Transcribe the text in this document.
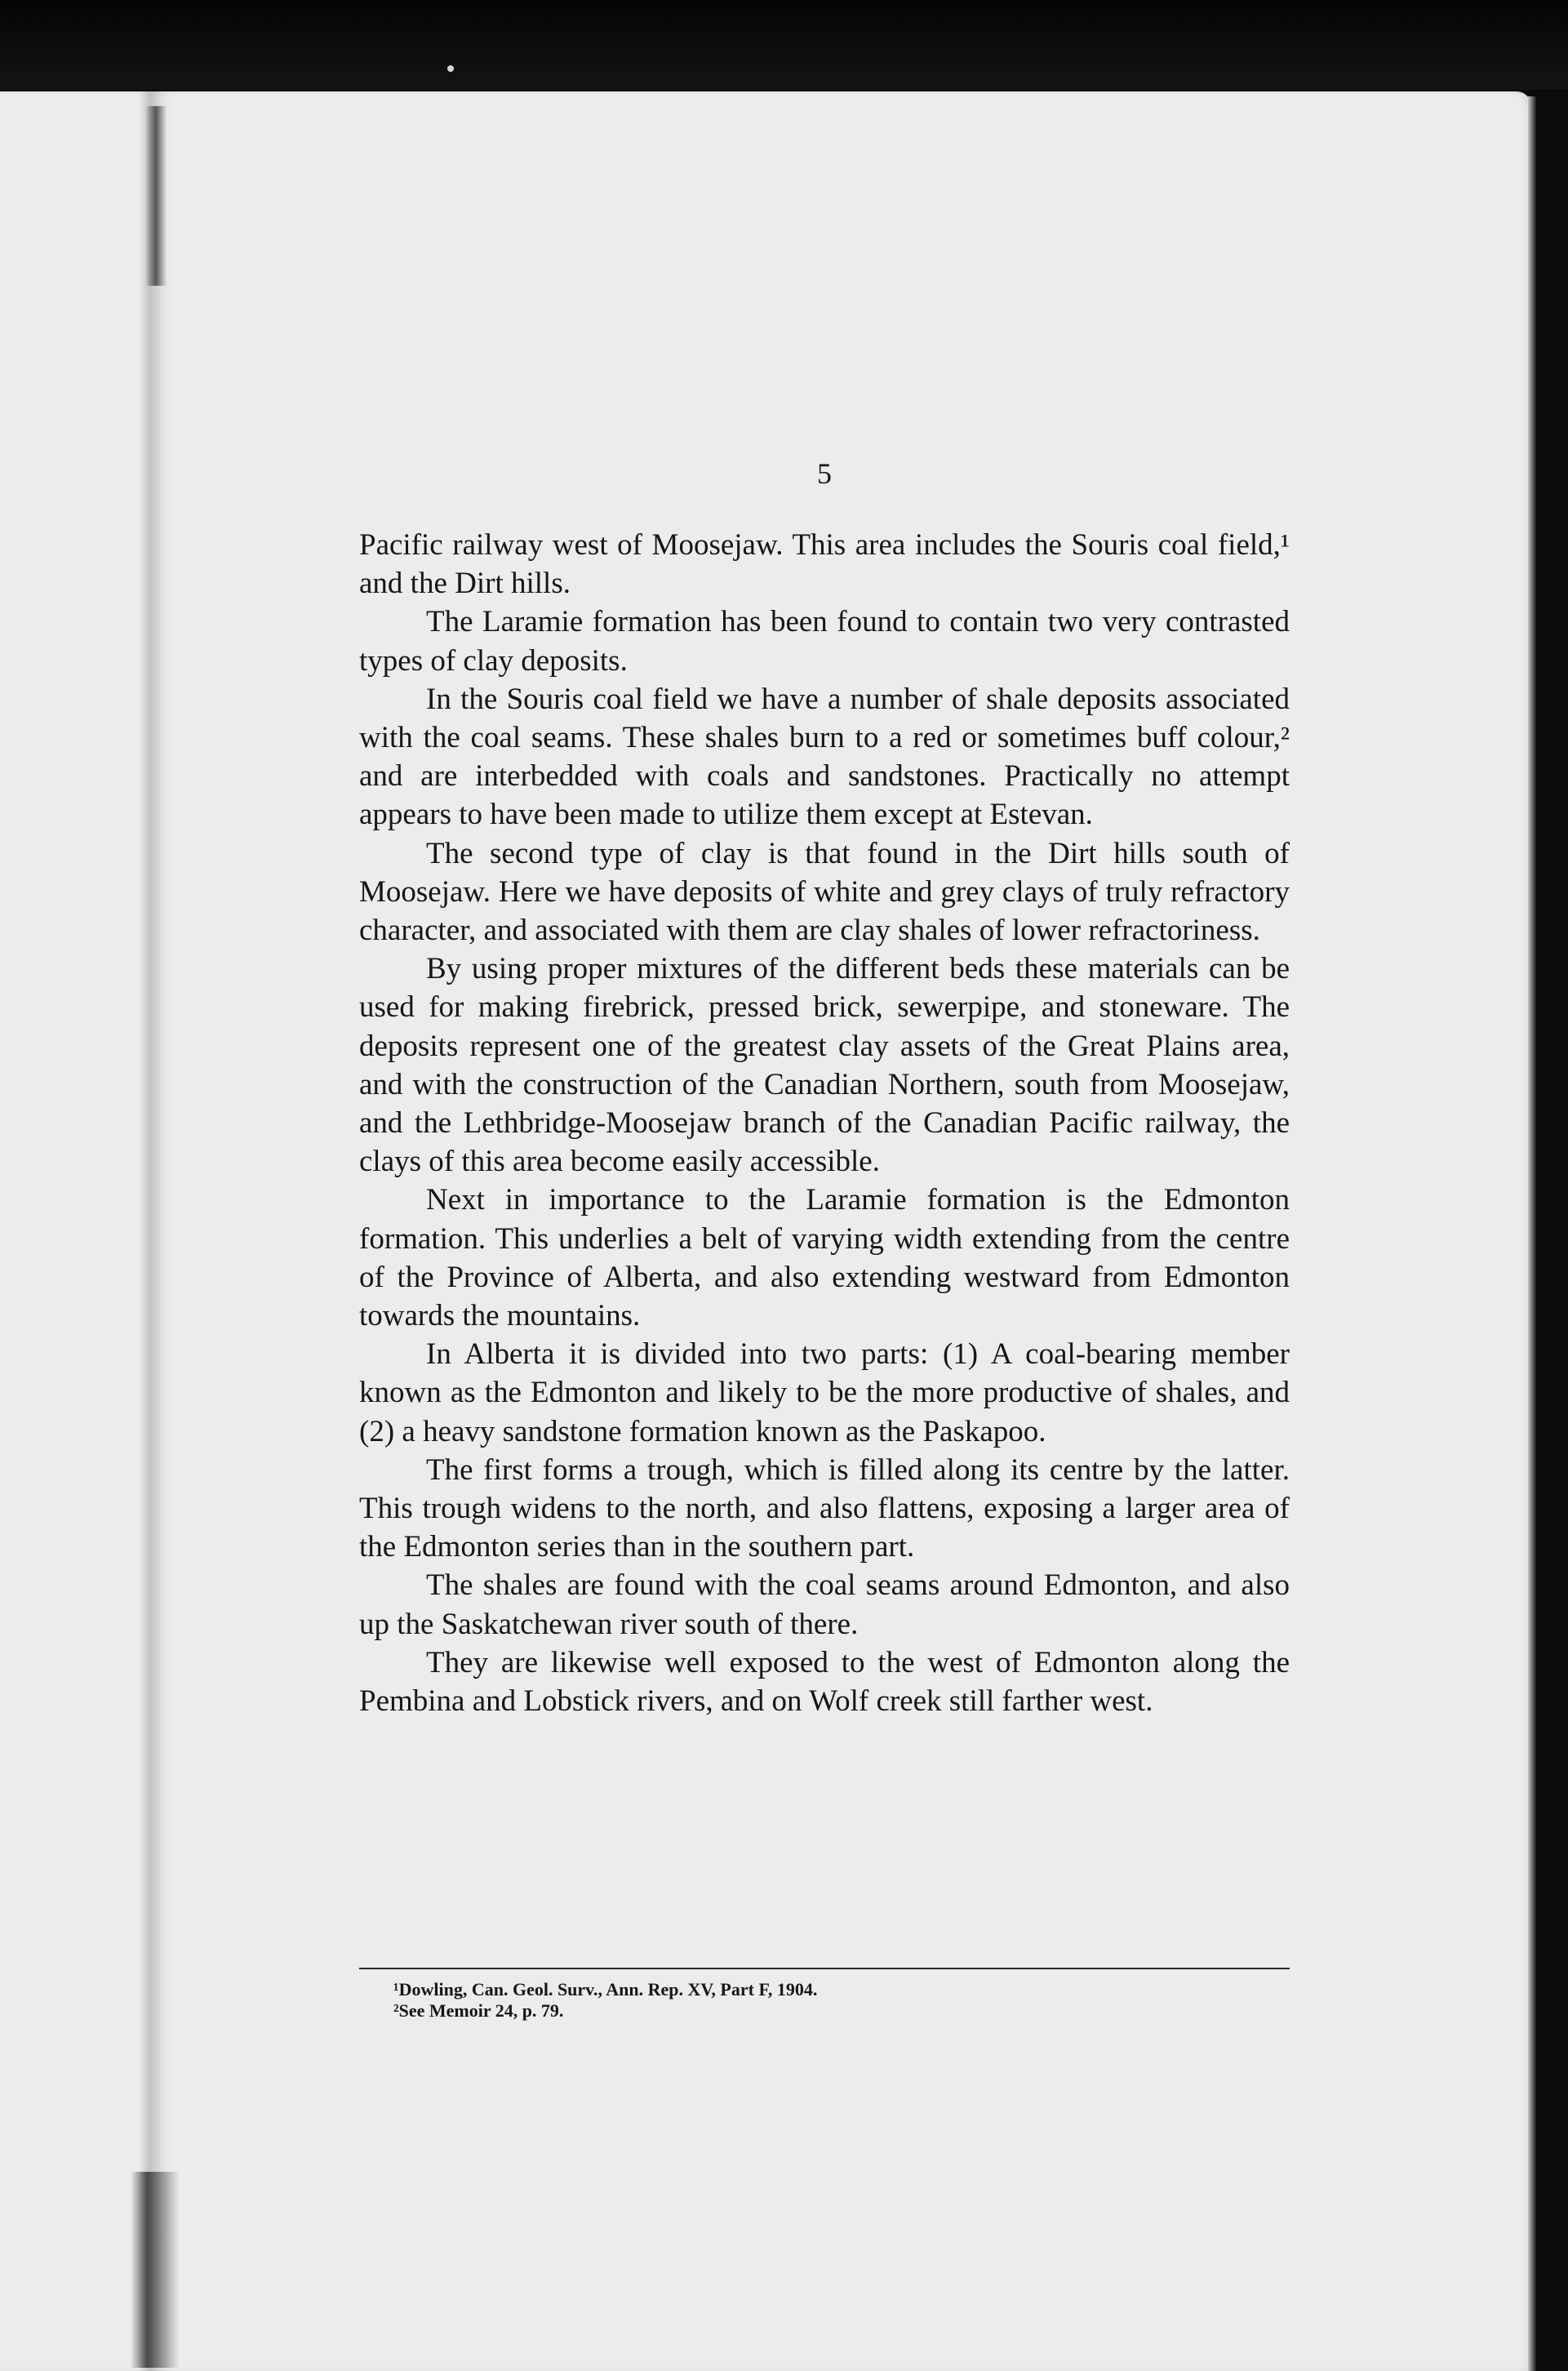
5

Pacific railway west of Moosejaw. This area includes the Souris coal field,¹ and the Dirt hills.

The Laramie formation has been found to contain two very contrasted types of clay deposits.

In the Souris coal field we have a number of shale deposits associated with the coal seams. These shales burn to a red or sometimes buff colour,² and are interbedded with coals and sandstones. Practically no attempt appears to have been made to utilize them except at Estevan.

The second type of clay is that found in the Dirt hills south of Moosejaw. Here we have deposits of white and grey clays of truly refractory character, and associated with them are clay shales of lower refractoriness.

By using proper mixtures of the different beds these materials can be used for making firebrick, pressed brick, sewerpipe, and stoneware. The deposits represent one of the greatest clay assets of the Great Plains area, and with the construction of the Canadian Northern, south from Moosejaw, and the Lethbridge-Moosejaw branch of the Canadian Pacific railway, the clays of this area become easily accessible.

Next in importance to the Laramie formation is the Edmonton formation. This underlies a belt of varying width extending from the centre of the Province of Alberta, and also extending westward from Edmonton towards the mountains.

In Alberta it is divided into two parts: (1) A coal-bearing member known as the Edmonton and likely to be the more productive of shales, and (2) a heavy sandstone formation known as the Paskapoo.

The first forms a trough, which is filled along its centre by the latter. This trough widens to the north, and also flattens, exposing a larger area of the Edmonton series than in the southern part.

The shales are found with the coal seams around Edmonton, and also up the Saskatchewan river south of there.

They are likewise well exposed to the west of Edmonton along the Pembina and Lobstick rivers, and on Wolf creek still farther west.

¹Dowling, Can. Geol. Surv., Ann. Rep. XV, Part F, 1904.

²See Memoir 24, p. 79.
